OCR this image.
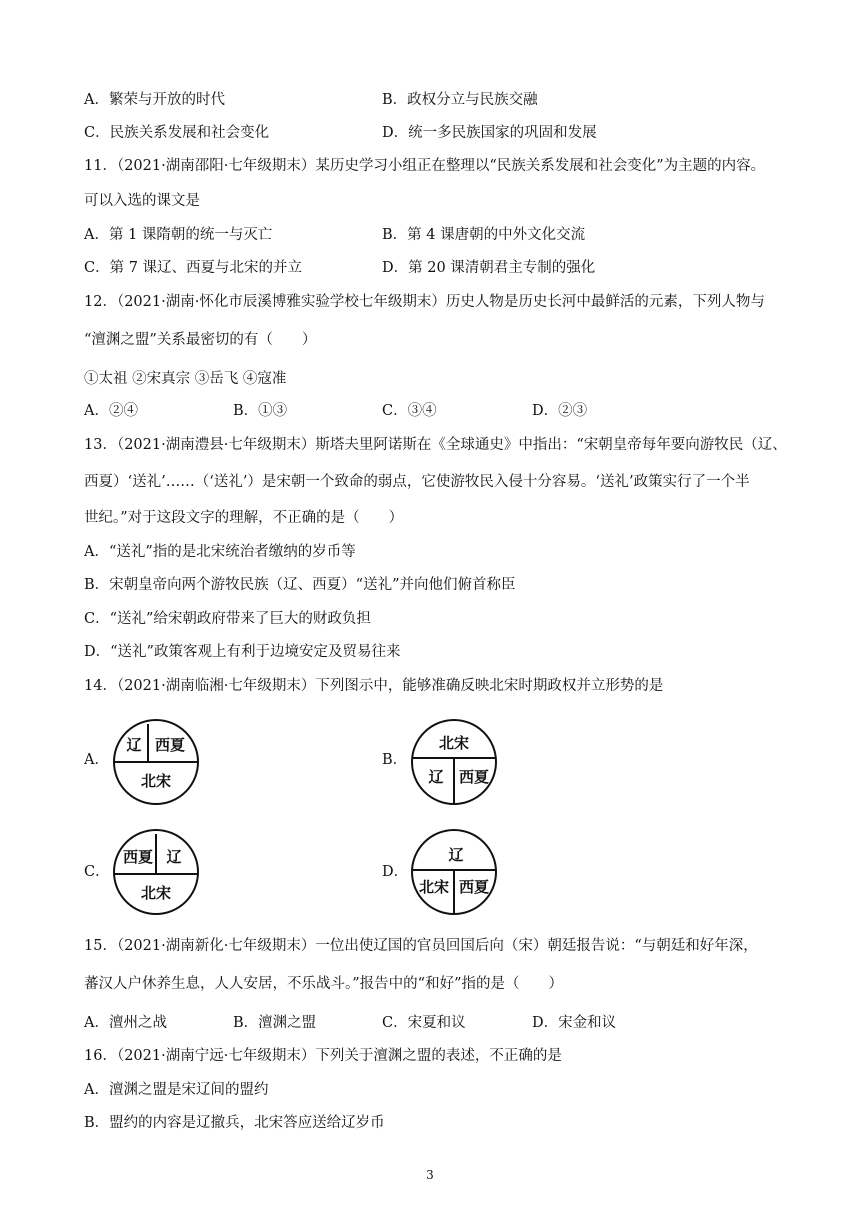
A．繁荣与开放的时代	B．政权分立与民族交融
C．民族关系发展和社会变化	D．统一多民族国家的巩固和发展
11．（2021·湖南邵阳·七年级期末）某历史学习小组正在整理以“民族关系发展和社会变化”为主题的内容。
可以入选的课文是
A．第 1 课隋朝的统一与灭亡	B．第 4 课唐朝的中外文化交流
C．第 7 课辽、西夏与北宋的并立	D．第 20 课清朝君主专制的强化
12．（2021·湖南·怀化市辰溪博雅实验学校七年级期末）历史人物是历史长河中最鲜活的元素，下列人物与
“澶渊之盟”关系最密切的有（　　）
①太祖 ②宋真宗 ③岳飞 ④寇准
A．②④	B．①③	C．③④	D．②③
13．（2021·湖南澧县·七年级期末）斯塔夫里阿诺斯在《全球通史》中指出：“宋朝皇帝每年要向游牧民（辽、
西夏）‘送礼’……（‘送礼’）是宋朝一个致命的弱点，它使游牧民入侵十分容易。‘送礼’政策实行了一个半
世纪。”对于这段文字的理解，不正确的是（　　）
A．“送礼”指的是北宋统治者缴纳的岁币等
B．宋朝皇帝向两个游牧民族（辽、西夏）“送礼”并向他们俯首称臣
C．“送礼”给宋朝政府带来了巨大的财政负担
D．“送礼”政策客观上有利于边境安定及贸易往来
14．（2021·湖南临湘·七年级期末）下列图示中，能够准确反映北宋时期政权并立形势的是
A．
辽 西夏
北宋
B．
北宋
辽 西夏
C．
西夏 辽
北宋
D．
辽
北宋 西夏
15．（2021·湖南新化·七年级期末）一位出使辽国的官员回国后向（宋）朝廷报告说：“与朝廷和好年深，
蕃汉人户休养生息，人人安居，不乐战斗。”报告中的“和好”指的是（　　）
A．澶州之战	B．澶渊之盟	C．宋夏和议	D．宋金和议
16．（2021·湖南宁远·七年级期末）下列关于澶渊之盟的表述，不正确的是
A．澶渊之盟是宋辽间的盟约
B．盟约的内容是辽撤兵，北宋答应送给辽岁币
3
